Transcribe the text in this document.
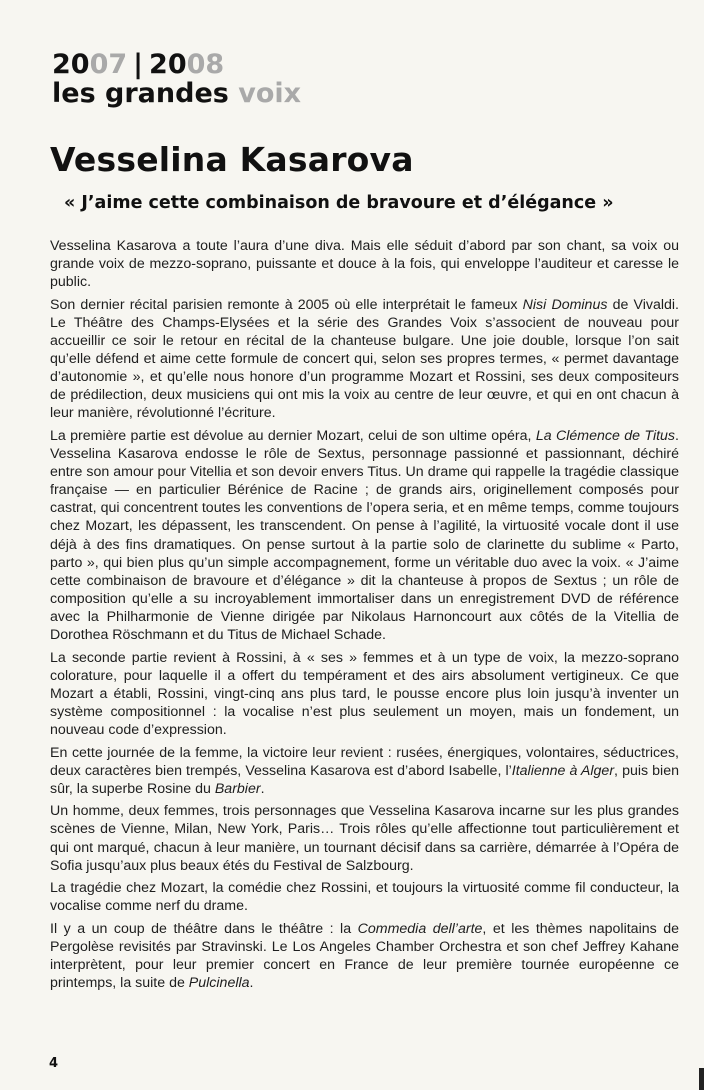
2007 | 2008
les grandes voix
Vesselina Kasarova

« J’aime cette combinaison de bravoure et d’élégance »

Vesselina Kasarova a toute l’aura d’une diva. Mais elle séduit d’abord par son chant, sa voix ou grande voix de mezzo-soprano, puissante et douce à la fois, qui enveloppe l’auditeur et caresse le public.

Son dernier récital parisien remonte à 2005 où elle interprétait le fameux Nisi Dominus de Vivaldi. Le Théâtre des Champs-Elysées et la série des Grandes Voix s’associent de nouveau pour accueillir ce soir le retour en récital de la chanteuse bulgare. Une joie double, lorsque l’on sait qu’elle défend et aime cette formule de concert qui, selon ses propres termes, « permet davantage d’autonomie », et qu’elle nous honore d’un programme Mozart et Rossini, ses deux compositeurs de prédilection, deux musiciens qui ont mis la voix au centre de leur œuvre, et qui en ont chacun à leur manière, révolutionné l’écriture.

La première partie est dévolue au dernier Mozart, celui de son ultime opéra, La Clémence de Titus. Vesselina Kasarova endosse le rôle de Sextus, personnage passionné et passionnant, déchiré entre son amour pour Vitellia et son devoir envers Titus. Un drame qui rappelle la tragédie classique française — en particulier Bérénice de Racine ; de grands airs, originellement composés pour castrat, qui concentrent toutes les conventions de l’opera seria, et en même temps, comme toujours chez Mozart, les dépassent, les transcendent. On pense à l’agilité, la virtuosité vocale dont il use déjà à des fins dramatiques. On pense surtout à la partie solo de clarinette du sublime « Parto, parto », qui bien plus qu’un simple accompagnement, forme un véritable duo avec la voix. « J’aime cette combinaison de bravoure et d’élégance » dit la chanteuse à propos de Sextus ; un rôle de composition qu’elle a su incroyablement immortaliser dans un enregistrement DVD de référence avec la Philharmonie de Vienne dirigée par Nikolaus Harnoncourt aux côtés de la Vitellia de Dorothea Röschmann et du Titus de Michael Schade.

La seconde partie revient à Rossini, à « ses » femmes et à un type de voix, la mezzo-soprano colorature, pour laquelle il a offert du tempérament et des airs absolument vertigineux. Ce que Mozart a établi, Rossini, vingt-cinq ans plus tard, le pousse encore plus loin jusqu’à inventer un système compositionnel : la vocalise n’est plus seulement un moyen, mais un fondement, un nouveau code d’expression.

En cette journée de la femme, la victoire leur revient : rusées, énergiques, volontaires, séductrices, deux caractères bien trempés, Vesselina Kasarova est d’abord Isabelle, l’Italienne à Alger, puis bien sûr, la superbe Rosine du Barbier.

Un homme, deux femmes, trois personnages que Vesselina Kasarova incarne sur les plus grandes scènes de Vienne, Milan, New York, Paris… Trois rôles qu’elle affectionne tout particulièrement et qui ont marqué, chacun à leur manière, un tournant décisif dans sa carrière, démarrée à l’Opéra de Sofia jusqu’aux plus beaux étés du Festival de Salzbourg.

La tragédie chez Mozart, la comédie chez Rossini, et toujours la virtuosité comme fil conducteur, la vocalise comme nerf du drame.

Il y a un coup de théâtre dans le théâtre : la Commedia dell’arte, et les thèmes napolitains de Pergolèse revisités par Stravinski. Le Los Angeles Chamber Orchestra et son chef Jeffrey Kahane interprètent, pour leur premier concert en France de leur première tournée européenne ce printemps, la suite de Pulcinella.

4
